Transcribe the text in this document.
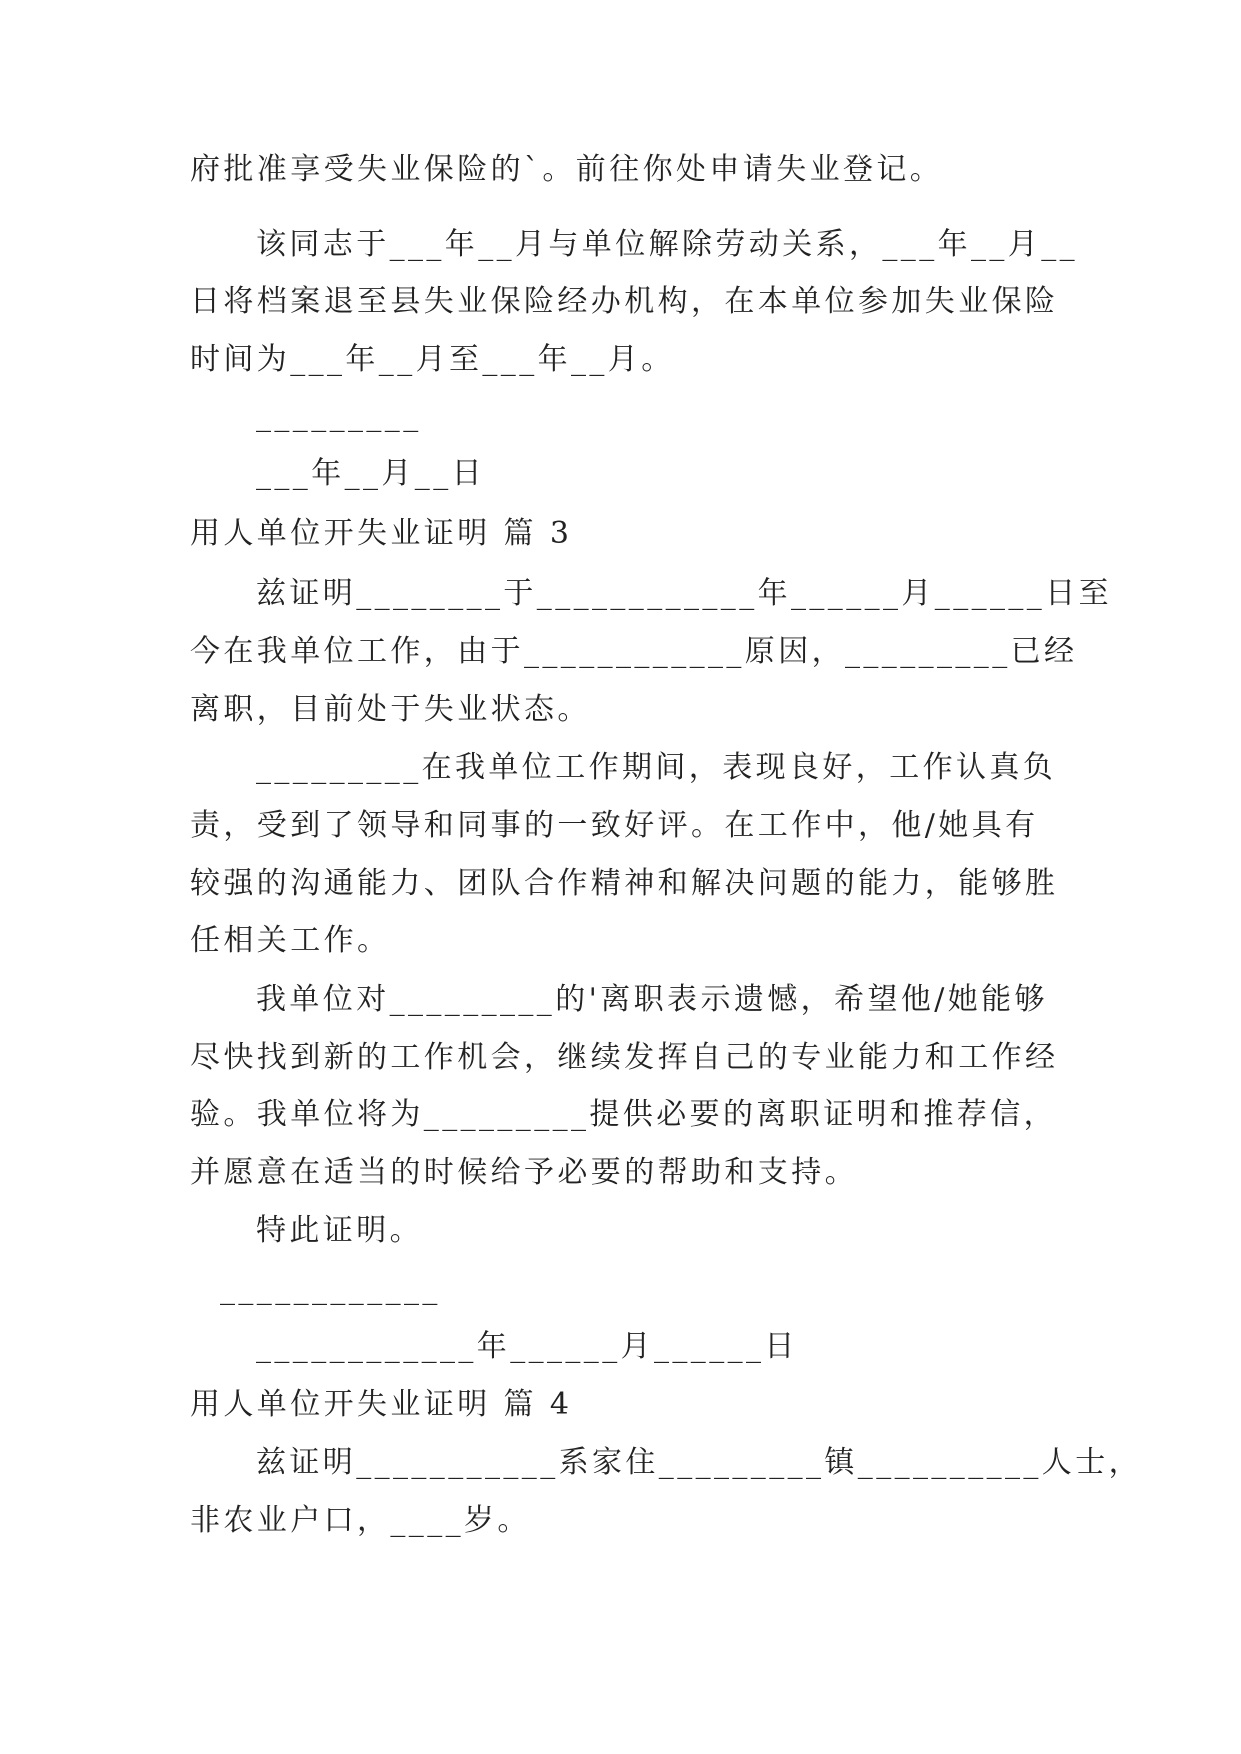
府批准享受失业保险的`。前往你处申请失业登记。
该同志于___年__月与单位解除劳动关系，___年__月__
日将档案退至县失业保险经办机构，在本单位参加失业保险
时间为___年__月至___年__月。
_________
___年__月__日
用人单位开失业证明 篇 3
兹证明________于____________年______月______日至
今在我单位工作，由于____________原因，_________已经
离职，目前处于失业状态。
_________在我单位工作期间，表现良好，工作认真负
责，受到了领导和同事的一致好评。在工作中，他/她具有
较强的沟通能力、团队合作精神和解决问题的能力，能够胜
任相关工作。
我单位对_________的'离职表示遗憾，希望他/她能够
尽快找到新的工作机会，继续发挥自己的专业能力和工作经
验。我单位将为_________提供必要的离职证明和推荐信，
并愿意在适当的时候给予必要的帮助和支持。
特此证明。
____________
____________年______月______日
用人单位开失业证明 篇 4
兹证明___________系家住_________镇__________人士，
非农业户口，____岁。
